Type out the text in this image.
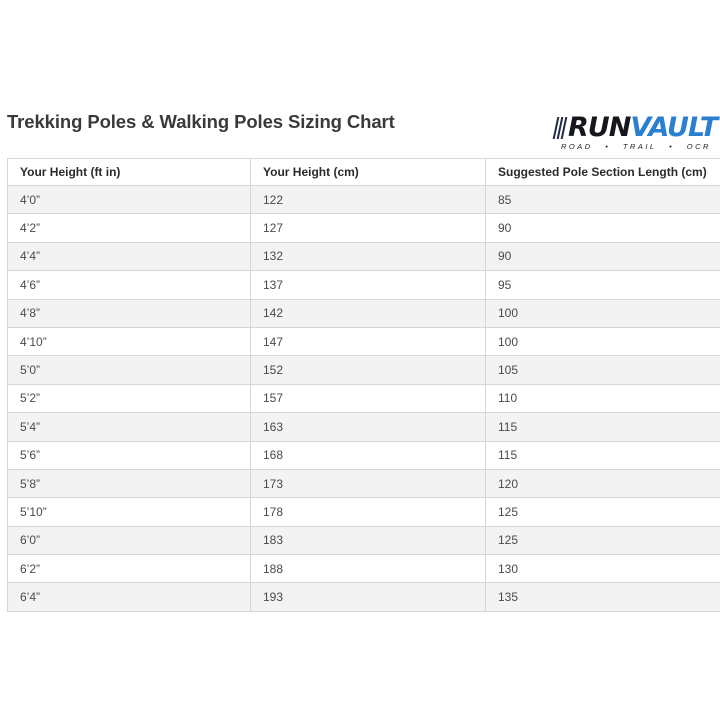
Trekking Poles & Walking Poles Sizing Chart	RUN VAULT
ROAD • TRAIL • OCR
Your Height (ft in)	Your Height (cm)	Suggested Pole Section Length (cm)
4’0”	122	85
4’2”	127	90
4’4”	132	90
4’6”	137	95
4’8”	142	100
4’10”	147	100
5’0”	152	105
5’2”	157	110
5’4”	163	115
5’6”	168	115
5’8”	173	120
5’10”	178	125
6’0”	183	125
6’2”	188	130
6’4”	193	135
